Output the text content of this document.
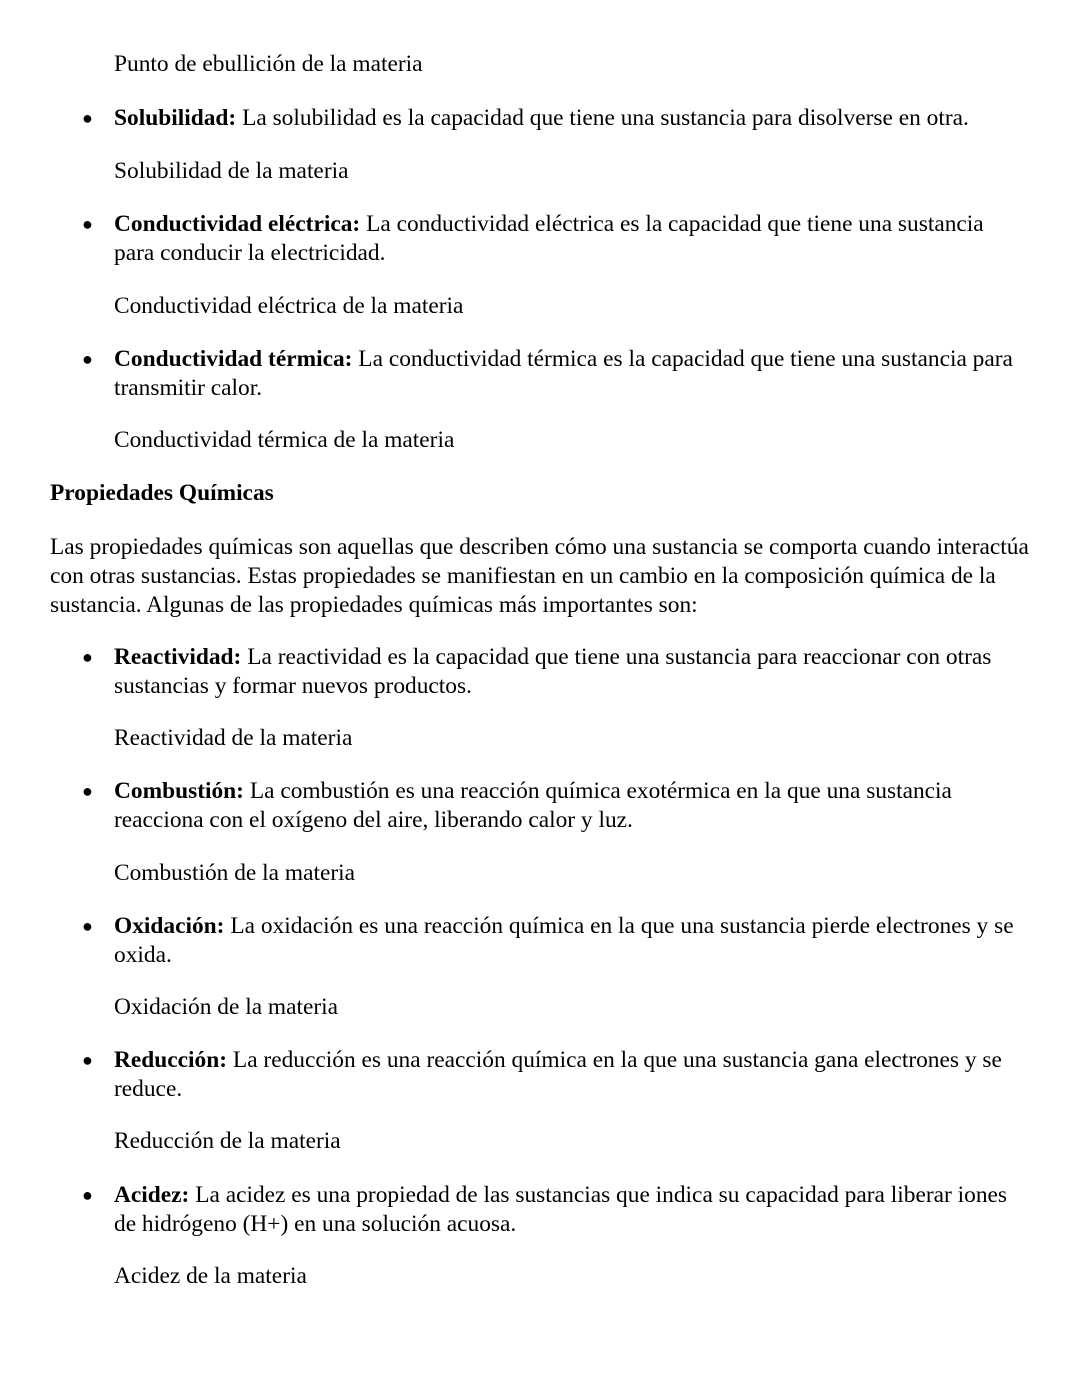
Punto de ebullición de la materia
● Solubilidad: La solubilidad es la capacidad que tiene una sustancia para disolverse en otra.
Solubilidad de la materia
● Conductividad eléctrica: La conductividad eléctrica es la capacidad que tiene una sustancia para conducir la electricidad.
Conductividad eléctrica de la materia
● Conductividad térmica: La conductividad térmica es la capacidad que tiene una sustancia para transmitir calor.
Conductividad térmica de la materia
Propiedades Químicas
Las propiedades químicas son aquellas que describen cómo una sustancia se comporta cuando interactúa con otras sustancias. Estas propiedades se manifiestan en un cambio en la composición química de la sustancia. Algunas de las propiedades químicas más importantes son:
● Reactividad: La reactividad es la capacidad que tiene una sustancia para reaccionar con otras sustancias y formar nuevos productos.
Reactividad de la materia
● Combustión: La combustión es una reacción química exotérmica en la que una sustancia reacciona con el oxígeno del aire, liberando calor y luz.
Combustión de la materia
● Oxidación: La oxidación es una reacción química en la que una sustancia pierde electrones y se oxida.
Oxidación de la materia
● Reducción: La reducción es una reacción química en la que una sustancia gana electrones y se reduce.
Reducción de la materia
● Acidez: La acidez es una propiedad de las sustancias que indica su capacidad para liberar iones de hidrógeno (H+) en una solución acuosa.
Acidez de la materia
